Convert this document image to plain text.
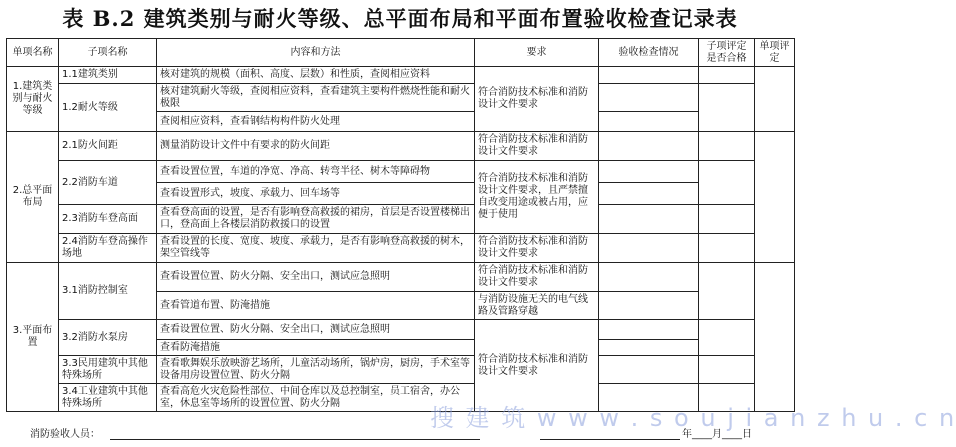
表 B.2 建筑类别与耐火等级、总平面布局和平面布置验收检查记录表
单项名称	子项名称	内容和方法	要求	验收检查情况	子项评定是否合格	单项评定
1.建筑类别与耐火等级	1.1建筑类别	核对建筑的规模（面积、高度、层数）和性质，查阅相应资料	符合消防技术标准和消防设计文件要求			
	1.2耐火等级	核对建筑耐火等级，查阅相应资料，查看建筑主要构件燃烧性能和耐火极限				
		查阅相应资料，查看钢结构构件防火处理				
2.总平面布局	2.1防火间距	测量消防设计文件中有要求的防火间距	符合消防技术标准和消防设计文件要求			
	2.2消防车道	查看设置位置，车道的净宽、净高、转弯半径、树木等障碍物	符合消防技术标准和消防设计文件要求，且严禁擅自改变用途或被占用，应便于使用			
		查看设置形式，坡度、承载力、回车场等				
	2.3消防车登高面	查看登高面的设置，是否有影响登高救援的裙房，首层是否设置楼梯出口，登高面上各楼层消防救援口的设置				
	2.4消防车登高操作场地	查看设置的长度、宽度、坡度、承载力，是否有影响登高救援的树木，架空管线等	符合消防技术标准和消防设计文件要求			
3.平面布置	3.1消防控制室	查看设置位置、防火分隔、安全出口，测试应急照明	符合消防技术标准和消防设计文件要求			
		查看管道布置、防淹措施	与消防设施无关的电气线路及管路穿越			
	3.2消防水泵房	查看设置位置、防火分隔、安全出口，测试应急照明	符合消防技术标准和消防设计文件要求			
		查看防淹措施				
	3.3民用建筑中其他特殊场所	查看歌舞娱乐放映游艺场所，儿童活动场所，锅炉房，厨房，手术室等设备用房设置位置、防火分隔				
	3.4工业建筑中其他特殊场所	查看高危火灾危险性部位、中间仓库以及总控制室，员工宿舍，办公室，休息室等场所的设置位置、防火分隔				
搜 建 筑 w w w . s o u j i a n z h u . c n
消防验收人员：	年____月____日
